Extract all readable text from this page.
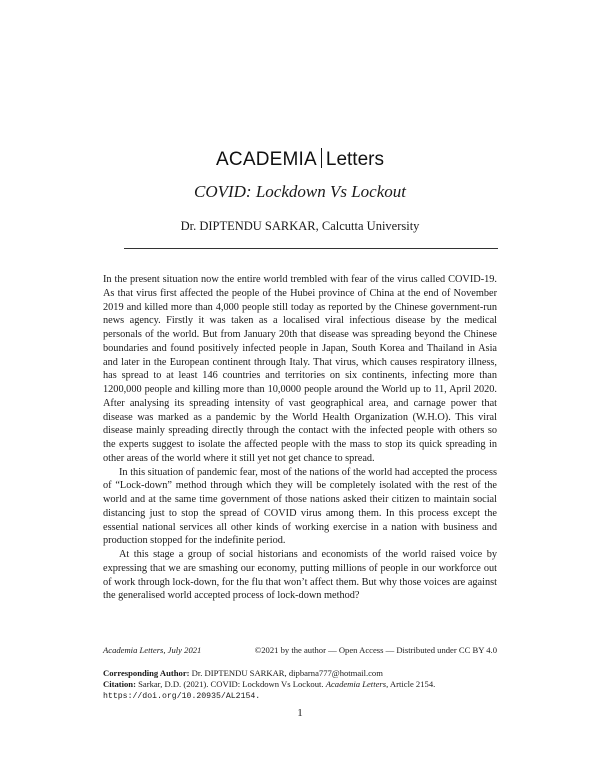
ACADEMIA Letters
COVID: Lockdown Vs Lockout
Dr. DIPTENDU SARKAR, Calcutta University

In the present situation now the entire world trembled with fear of the virus called COVID-19. As that virus first affected the people of the Hubei province of China at the end of November 2019 and killed more than 4,000 people still today as reported by the Chinese government-run news agency. Firstly it was taken as a localised viral infectious disease by the medical personals of the world. But from January 20th that disease was spreading beyond the Chinese boundaries and found positively infected people in Japan, South Korea and Thailand in Asia and later in the European continent through Italy. That virus, which causes respiratory illness, has spread to at least 146 countries and territories on six continents, infecting more than 1200,000 people and killing more than 10,0000 people around the World up to 11, April 2020. After analysing its spreading intensity of vast geographical area, and carnage power that disease was marked as a pandemic by the World Health Organization (W.H.O). This viral disease mainly spreading directly through the contact with the infected people with others so the experts suggest to isolate the affected people with the mass to stop its quick spreading in other areas of the world where it still yet not get chance to spread.

In this situation of pandemic fear, most of the nations of the world had accepted the process of “Lock-down” method through which they will be completely isolated with the rest of the world and at the same time government of those nations asked their citizen to maintain social distancing just to stop the spread of COVID virus among them. In this process except the essential national services all other kinds of working exercise in a nation with business and production stopped for the indefinite period.

At this stage a group of social historians and economists of the world raised voice by expressing that we are smashing our economy, putting millions of people in our workforce out of work through lock-down, for the flu that won’t affect them. But why those voices are against the generalised world accepted process of lock-down method?

Academia Letters, July 2021	©2021 by the author — Open Access — Distributed under CC BY 4.0
Corresponding Author: Dr. DIPTENDU SARKAR, dipbarna777@hotmail.com
Citation: Sarkar, D.D. (2021). COVID: Lockdown Vs Lockout. Academia Letters, Article 2154.
https://doi.org/10.20935/AL2154.
1
